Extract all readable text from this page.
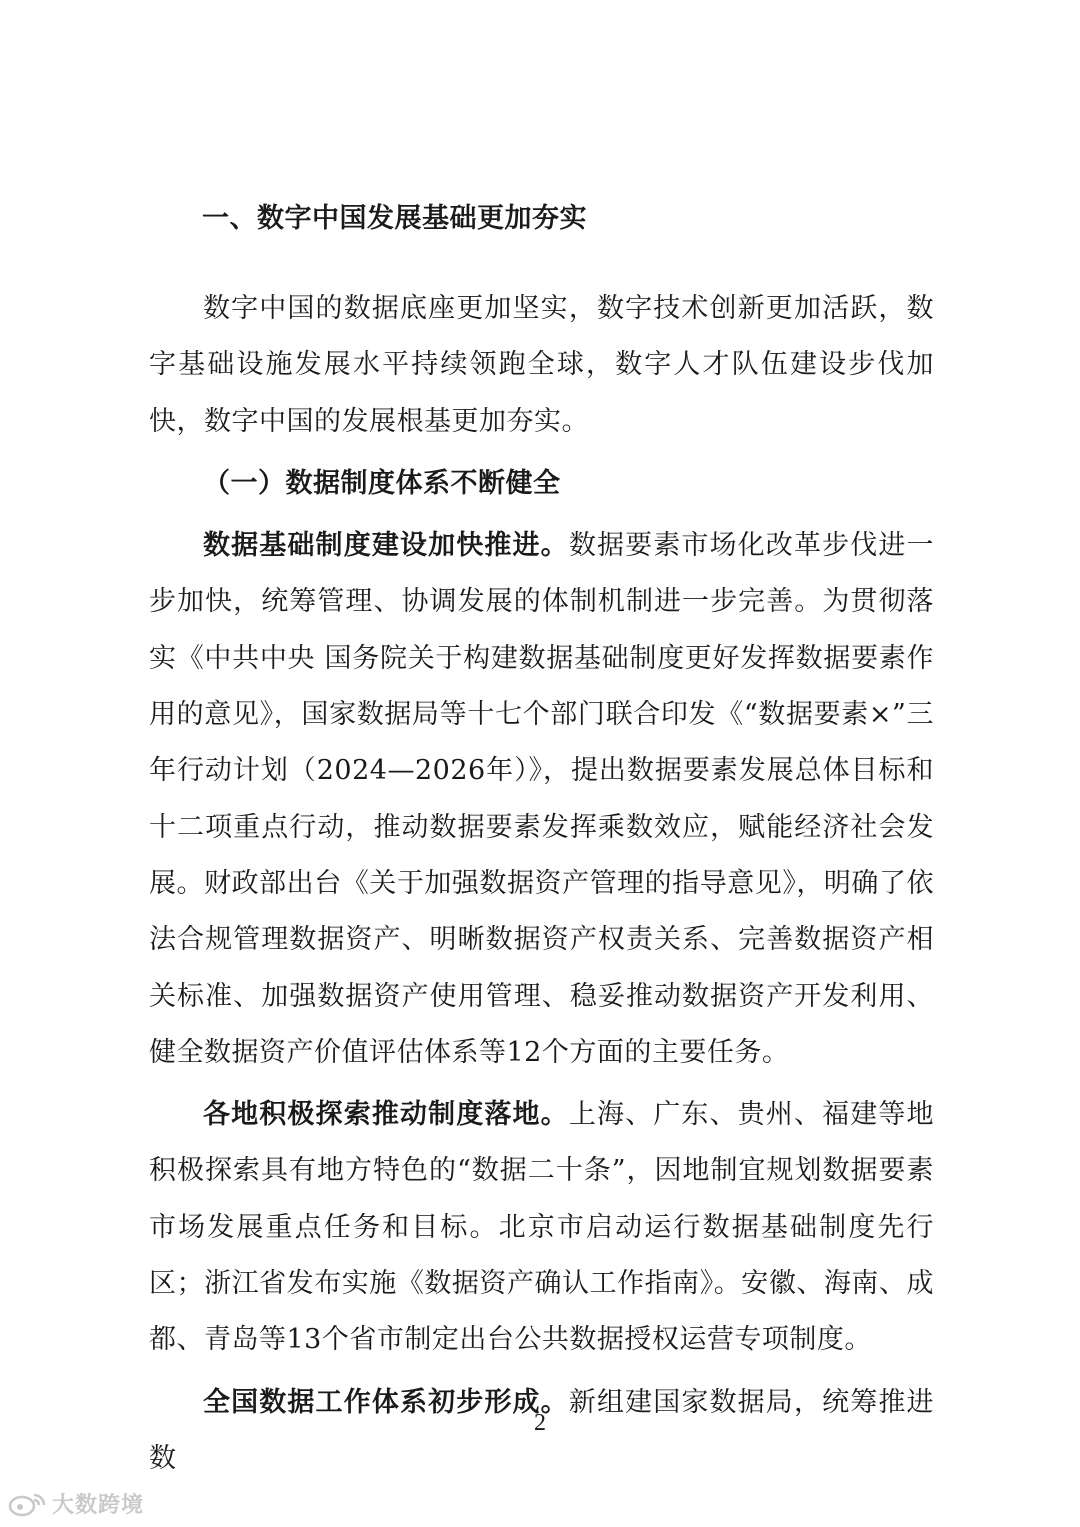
一、数字中国发展基础更加夯实

数字中国的数据底座更加坚实，数字技术创新更加活跃，数字基础设施发展水平持续领跑全球，数字人才队伍建设步伐加快，数字中国的发展根基更加夯实。

（一）数据制度体系不断健全

数据基础制度建设加快推进。数据要素市场化改革步伐进一步加快，统筹管理、协调发展的体制机制进一步完善。为贯彻落实《中共中央 国务院关于构建数据基础制度更好发挥数据要素作用的意见》，国家数据局等十七个部门联合印发《“数据要素×”三年行动计划（2024—2026年）》，提出数据要素发展总体目标和十二项重点行动，推动数据要素发挥乘数效应，赋能经济社会发展。财政部出台《关于加强数据资产管理的指导意见》，明确了依法合规管理数据资产、明晰数据资产权责关系、完善数据资产相关标准、加强数据资产使用管理、稳妥推动数据资产开发利用、健全数据资产价值评估体系等12个方面的主要任务。

各地积极探索推动制度落地。上海、广东、贵州、福建等地积极探索具有地方特色的“数据二十条”，因地制宜规划数据要素市场发展重点任务和目标。北京市启动运行数据基础制度先行区；浙江省发布实施《数据资产确认工作指南》。安徽、海南、成都、青岛等13个省市制定出台公共数据授权运营专项制度。

全国数据工作体系初步形成。新组建国家数据局，统筹推进数

2
大数跨境
